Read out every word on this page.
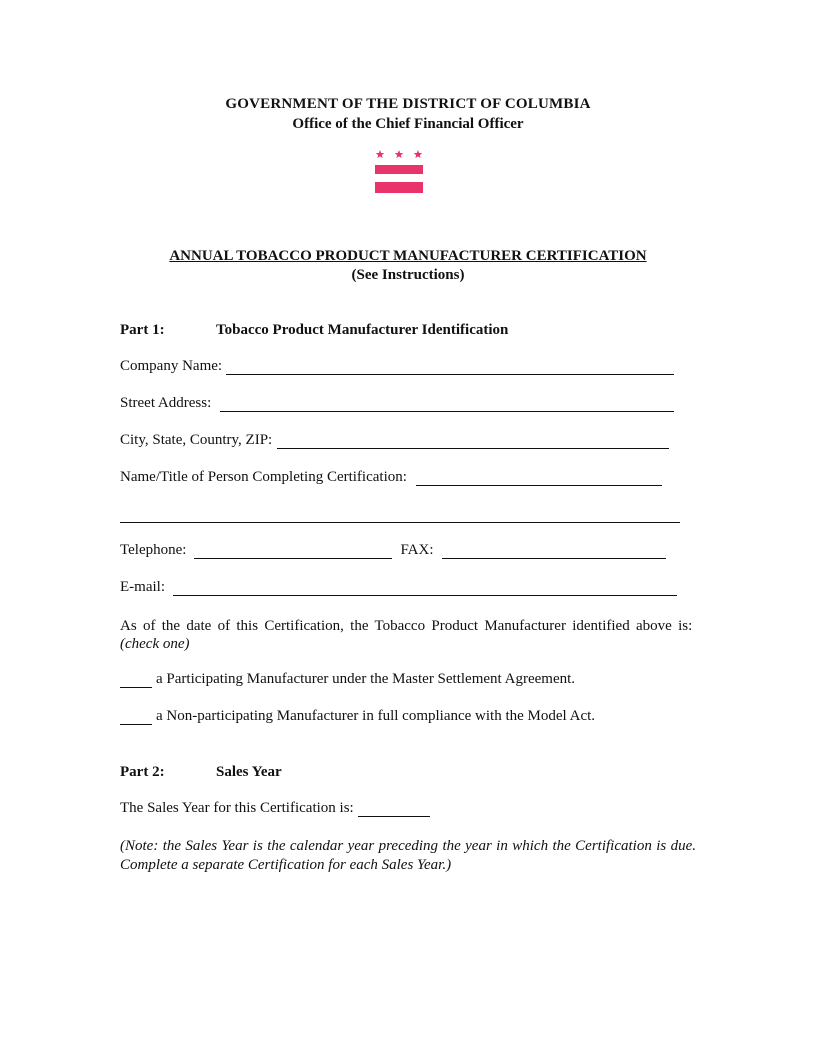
GOVERNMENT OF THE DISTRICT OF COLUMBIA
Office of the Chief Financial Officer
ANNUAL TOBACCO PRODUCT MANUFACTURER CERTIFICATION
(See Instructions)
Part 1:	Tobacco Product Manufacturer Identification
Company Name:
Street Address:
City, State, Country, ZIP:
Name/Title of Person Completing Certification:
Telephone:	FAX:
E-mail:
As of the date of this Certification, the Tobacco Product Manufacturer identified above is:  (check one)
a Participating Manufacturer under the Master Settlement Agreement.
a Non-participating Manufacturer in full compliance with the Model Act.
Part 2:	Sales Year
The Sales Year for this Certification is:
(Note: the Sales Year is the calendar year preceding the year in which the Certification is due. Complete a separate Certification for each Sales Year.)
